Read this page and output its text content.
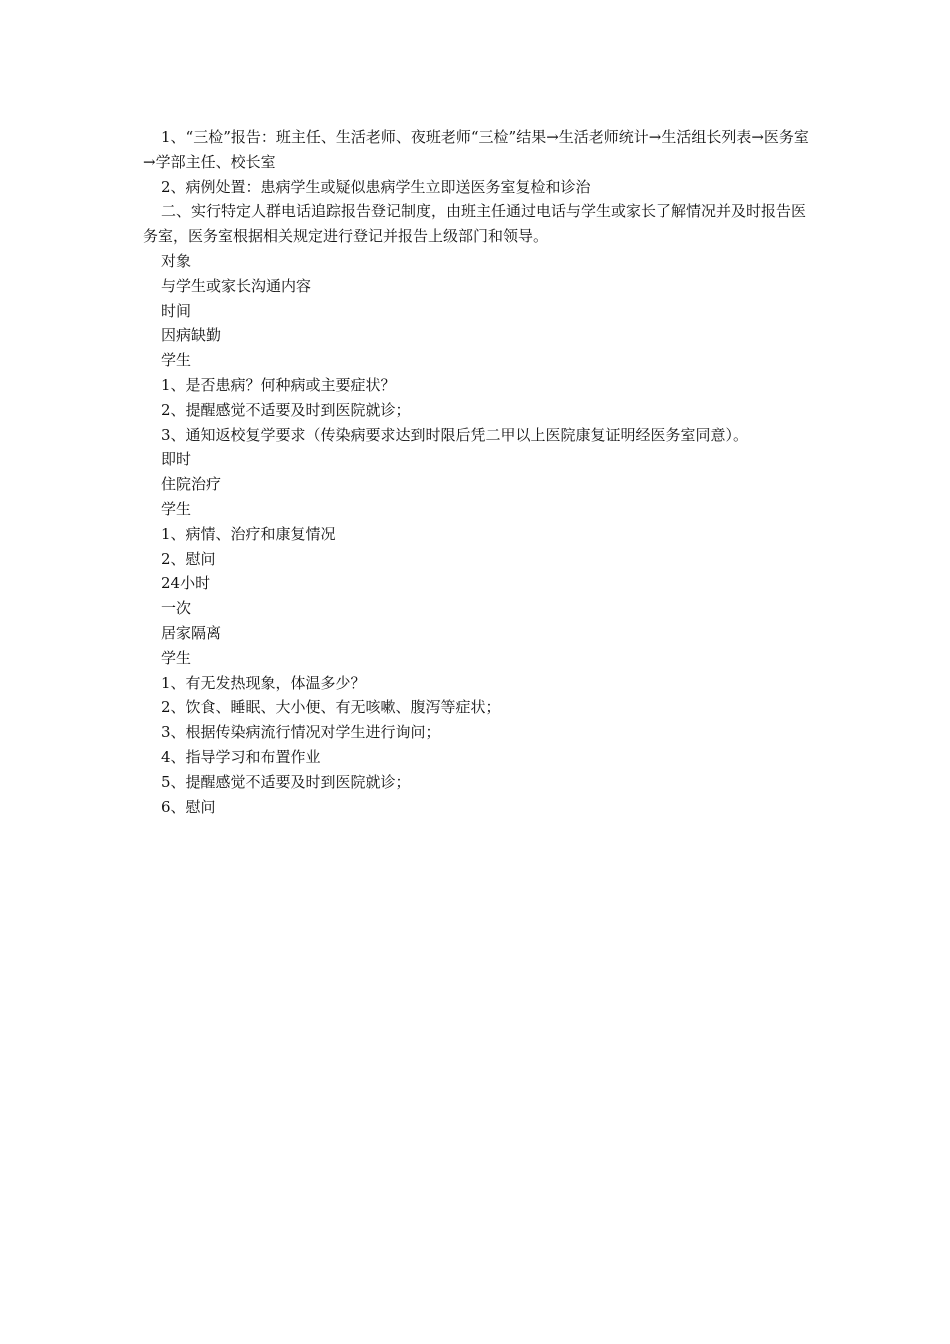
1、“三检”报告：班主任、生活老师、夜班老师“三检”结果→生活老师统计→生活组长列表→医务室→学部主任、校长室

2、病例处置：患病学生或疑似患病学生立即送医务室复检和诊治

二、实行特定人群电话追踪报告登记制度，由班主任通过电话与学生或家长了解情况并及时报告医务室，医务室根据相关规定进行登记并报告上级部门和领导。

对象

与学生或家长沟通内容

时间

因病缺勤

学生

1、是否患病？何种病或主要症状？

2、提醒感觉不适要及时到医院就诊；

3、通知返校复学要求（传染病要求达到时限后凭二甲以上医院康复证明经医务室同意）。

即时

住院治疗

学生

1、病情、治疗和康复情况

2、慰问

24小时

一次

居家隔离

学生

1、有无发热现象，体温多少？

2、饮食、睡眠、大小便、有无咳嗽、腹泻等症状；

3、根据传染病流行情况对学生进行询问；

4、指导学习和布置作业

5、提醒感觉不适要及时到医院就诊；

6、慰问
